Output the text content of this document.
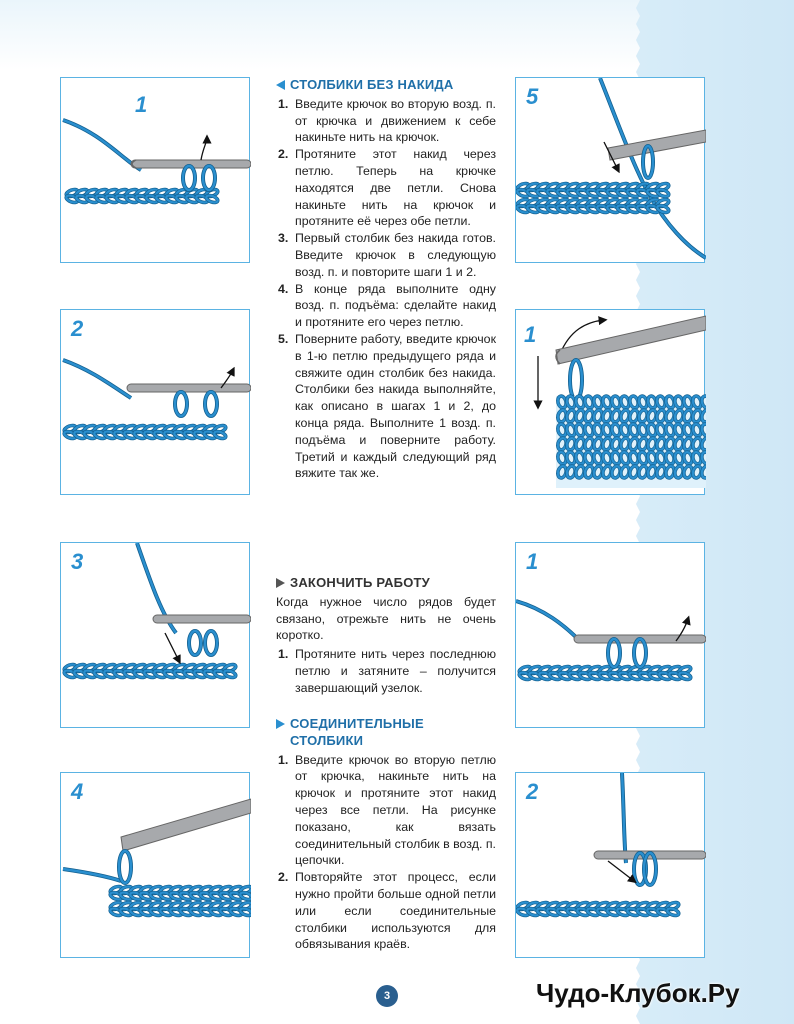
1
2
3
4
5
1
1
2
СТОЛБИКИ БЕЗ НАКИДА
1. Введите крючок во вторую возд. п. от крючка и движением к себе накиньте нить на крючок.
2. Протяните этот накид через петлю. Теперь на крючке находятся две петли. Снова накиньте нить на крючок и протяните её через обе петли.
3. Первый столбик без накида готов. Введите крючок в следующую возд. п. и повторите шаги 1 и 2.
4. В конце ряда выполните одну возд. п. подъёма: сделайте накид и протяните его через петлю.
5. Поверните работу, введите крючок в 1-ю петлю предыдущего ряда и свяжите один столбик без накида. Столбики без накида выполняйте, как описано в шагах 1 и 2, до конца ряда. Выполните 1 возд. п. подъёма и поверните работу. Третий и каждый следующий ряд вяжите так же.
ЗАКОНЧИТЬ РАБОТУ

Когда нужное число рядов будет связано, отрежьте нить не очень коротко.

1. Протяните нить через последнюю петлю и затяните – получится завершающий узелок.
СОЕДИНИТЕЛЬНЫЕ СТОЛБИКИ
1. Введите крючок во вторую петлю от крючка, накиньте нить на крючок и протяните этот накид через все петли. На рисунке показано, как вязать соединительный столбик в возд. п. цепочки.
2. Повторяйте этот процесс, если нужно пройти больше одной петли или если соединительные столбики используются для обвязывания краёв.
3	Чудо-Клубок.Ру
